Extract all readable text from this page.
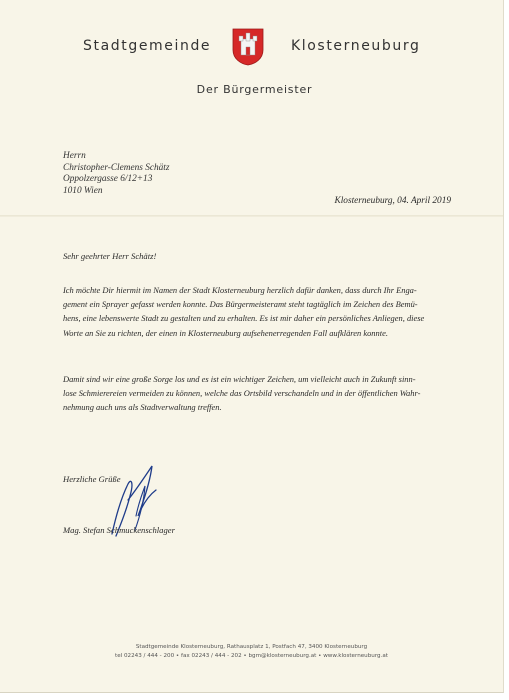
Stadtgemeinde	Klosterneuburg
Der Bürgermeister
Herrn
Christopher-Clemens Schätz
Oppolzergasse 6/12+13
1010 Wien
Klosterneuburg, 04. April 2019
Sehr geehrter Herr Schätz!
Ich möchte Dir hiermit im Namen der Stadt Klosterneuburg herzlich dafür danken, dass durch Ihr Enga-
gement ein Sprayer gefasst werden konnte. Das Bürgermeisteramt steht tagtäglich im Zeichen des Bemü-
hens, eine lebenswerte Stadt zu gestalten und zu erhalten. Es ist mir daher ein persönliches Anliegen, diese
Worte an Sie zu richten, der einen in Klosterneuburg aufsehenerregenden Fall aufklären konnte.
Damit sind wir eine große Sorge los und es ist ein wichtiger Zeichen, um vielleicht auch in Zukunft sinn-
lose Schmierereien vermeiden zu können, welche das Ortsbild verschandeln und in der öffentlichen Wahr-
nehmung auch uns als Stadtverwaltung treffen.
Herzliche Grüße
Mag. Stefan Schmuckenschlager
Stadtgemeinde Klosterneuburg, Rathausplatz 1, Postfach 47, 3400 Klosterneuburg
tel 02243 / 444 - 200 • fax 02243 / 444 - 202 • bgm@klosterneuburg.at • www.klosterneuburg.at
